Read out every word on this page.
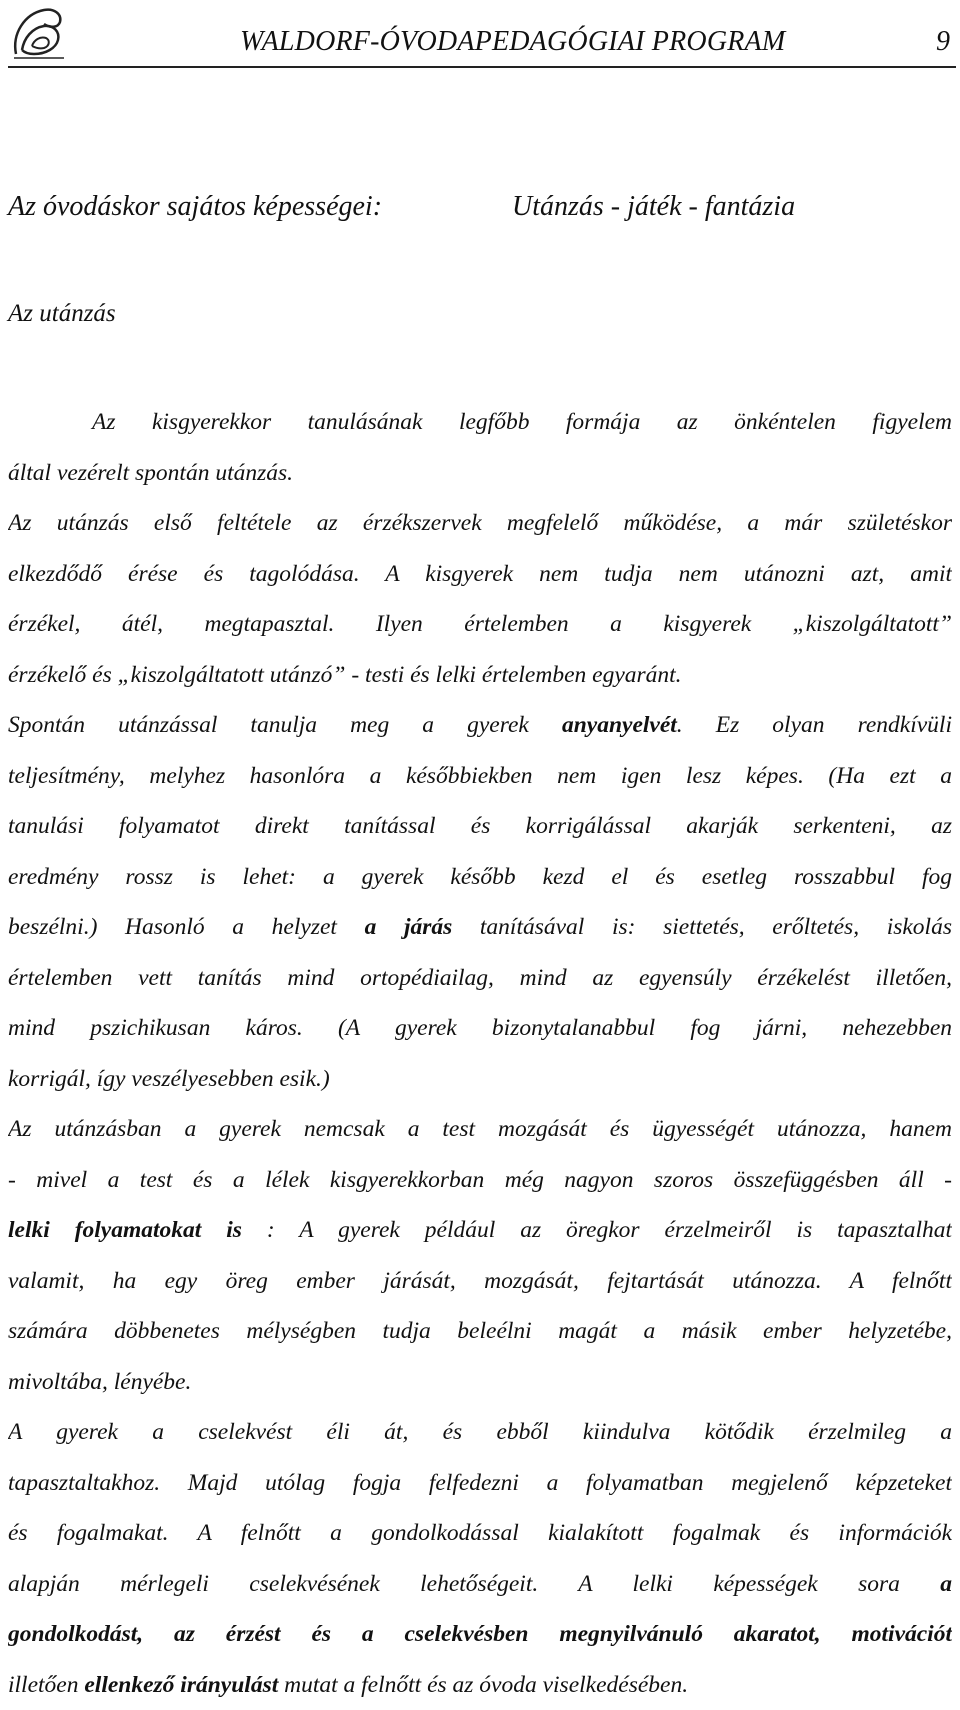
WALDORF-ÓVODAPEDAGÓGIAI PROGRAM	9
Az óvodáskor sajátos képességei:	Utánzás - játék - fantázia
Az utánzás
Az kisgyerekkor tanulásának legfőbb formája az önkéntelen figyelem
által vezérelt spontán utánzás.
Az utánzás első feltétele az érzékszervek megfelelő működése, a már születéskor
elkezdődő érése és tagolódása. A kisgyerek nem tudja nem utánozni azt, amit
érzékel, átél, megtapasztal. Ilyen értelemben a kisgyerek „kiszolgáltatott”
érzékelő és „kiszolgáltatott utánzó” - testi és lelki értelemben egyaránt.
Spontán utánzással tanulja meg a gyerek anyanyelvét. Ez olyan rendkívüli
teljesítmény, melyhez hasonlóra a későbbiekben nem igen lesz képes. (Ha ezt a
tanulási folyamatot direkt tanítással és korrigálással akarják serkenteni, az
eredmény rossz is lehet: a gyerek később kezd el és esetleg rosszabbul fog
beszélni.) Hasonló a helyzet a járás tanításával is: siettetés, erőltetés, iskolás
értelemben vett tanítás mind ortopédiailag, mind az egyensúly érzékelést illetően,
mind pszichikusan káros. (A gyerek bizonytalanabbul fog járni, nehezebben
korrigál, így veszélyesebben esik.)
Az utánzásban a gyerek nemcsak a test mozgását és ügyességét utánozza, hanem
- mivel a test és a lélek kisgyerekkorban még nagyon szoros összefüggésben áll -
lelki folyamatokat is : A gyerek például az öregkor érzelmeiről is tapasztalhat
valamit, ha egy öreg ember járását, mozgását, fejtartását utánozza. A felnőtt
számára döbbenetes mélységben tudja beleélni magát a másik ember helyzetébe,
mivoltába, lényébe.
A gyerek a cselekvést éli át, és ebből kiindulva kötődik érzelmileg a
tapasztaltakhoz. Majd utólag fogja felfedezni a folyamatban megjelenő képzeteket
és fogalmakat. A felnőtt a gondolkodással kialakított fogalmak és információk
alapján mérlegeli cselekvésének lehetőségeit. A lelki képességek sora a
gondolkodást, az érzést és a cselekvésben megnyilvánuló akaratot, motivációt
illetően ellenkező irányulást mutat a felnőtt és az óvoda viselkedésében.
